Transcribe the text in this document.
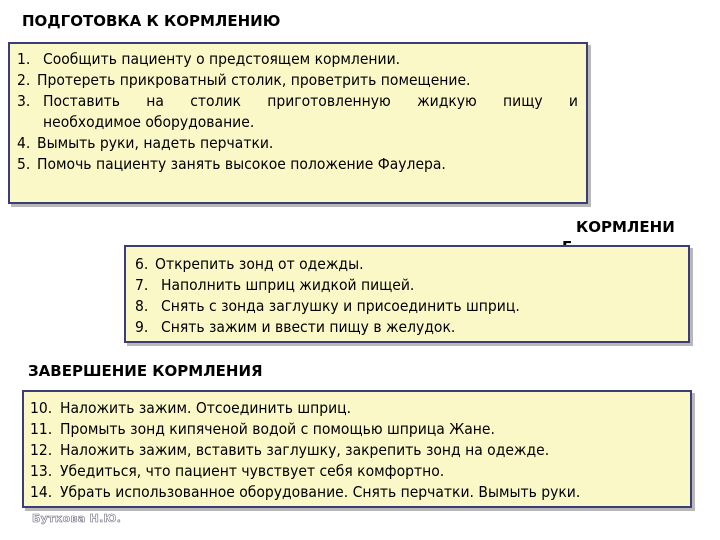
ПОДГОТОВКА К КОРМЛЕНИЮ
1. Сообщить пациенту о предстоящем кормлении.
2. Протереть прикроватный столик, проветрить помещение.
3. Поставить на столик приготовленную жидкую пищу и
необходимое оборудование.
4. Вымыть руки, надеть перчатки.
5. Помочь пациенту занять высокое положение Фаулера.
КОРМЛЕНИ
6. Открепить зонд от одежды.
7. Наполнить шприц жидкой пищей.
8. Снять с зонда заглушку и присоединить шприц.
9. Снять зажим и ввести пищу в желудок.
ЗАВЕРШЕНИЕ КОРМЛЕНИЯ
10. Наложить зажим. Отсоединить шприц.
11. Промыть зонд кипяченой водой с помощью шприца Жане.
12. Наложить зажим, вставить заглушку, закрепить зонд на одежде.
13. Убедиться, что пациент чувствует себя комфортно.
14. Убрать использованное оборудование. Снять перчатки. Вымыть руки.
Буткова Н.Ю.
